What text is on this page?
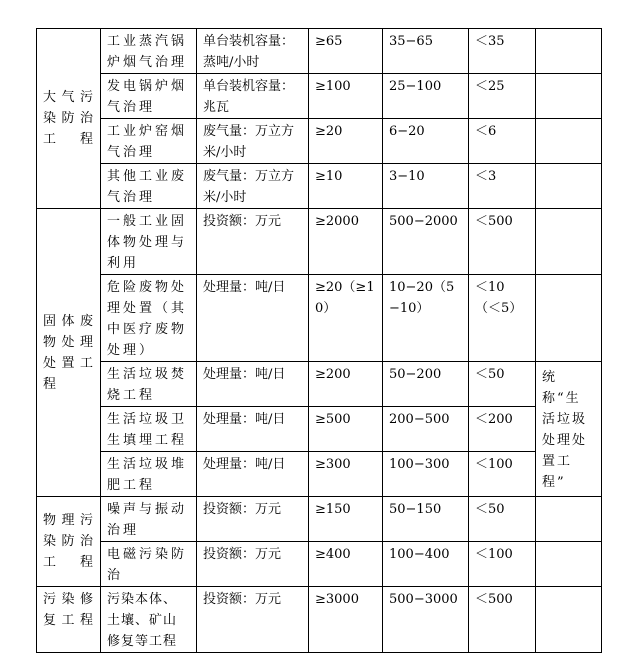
大气污染防治工程	工业蒸汽锅炉烟气治理	单台装机容量：蒸吨/小时	≥65	35−65	＜35	
	发电锅炉烟气治理	单台装机容量：兆瓦	≥100	25−100	＜25	
	工业炉窑烟气治理	废气量：万立方米/小时	≥20	6−20	＜6	
	其他工业废气治理	废气量：万立方米/小时	≥10	3−10	＜3	
固体废物处理处置工程	一般工业固体物处理与利用	投资额：万元	≥2000	500−2000	＜500	
	危险废物处理处置（其中医疗废物处理）	处理量：吨/日	≥20（≥10）	10−20（5−10）	＜10（＜5）	
	生活垃圾焚烧工程	处理量：吨/日	≥200	50−200	＜50	统称“生活垃圾处理处置工程”
	生活垃圾卫生填埋工程	处理量：吨/日	≥500	200−500	＜200	
	生活垃圾堆肥工程	处理量：吨/日	≥300	100−300	＜100	
物理污染防治工程	噪声与振动治理	投资额：万元	≥150	50−150	＜50	
	电磁污染防治	投资额：万元	≥400	100−400	＜100	
污染修复工程	污染本体、土壤、矿山修复等工程	投资额：万元	≥3000	500−3000	＜500	
